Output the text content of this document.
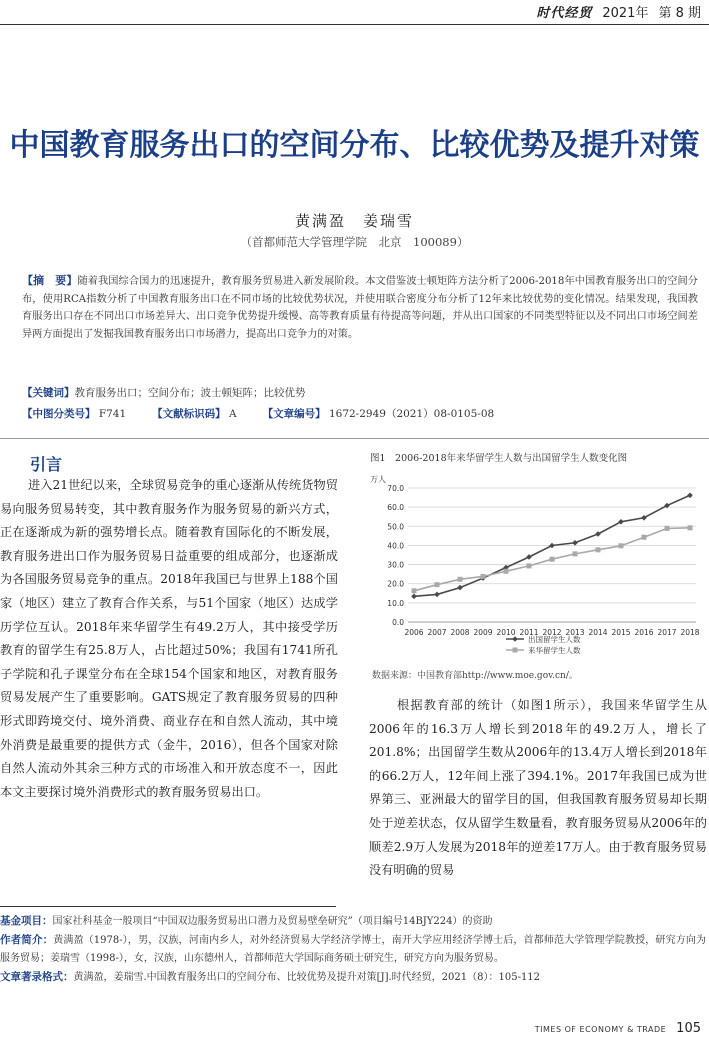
时代经贸 2021年 第 8 期
中国教育服务出口的空间分布、比较优势及提升对策
黄满盈　姜瑞雪
（首都师范大学管理学院　北京　100089）
【摘　要】随着我国综合国力的迅速提升，教育服务贸易进入新发展阶段。本文借鉴波士顿矩阵方法分析了2006-2018年中国教育服务出口的空间分布，使用RCA指数分析了中国教育服务出口在不同市场的比较优势状况，并使用联合密度分布分析了12年来比较优势的变化情况。结果发现，我国教育服务出口存在不同出口市场差异大、出口竞争优势提升缓慢、高等教育质量有待提高等问题，并从出口国家的不同类型特征以及不同出口市场空间差异两方面提出了发掘我国教育服务出口市场潜力，提高出口竞争力的对策。
【关键词】教育服务出口；空间分布；波士顿矩阵；比较优势
【中图分类号】 F741 【文献标识码】 A 【文章编号】 1672-2949（2021）08-0105-08
引言

进入21世纪以来，全球贸易竞争的重心逐渐从传统货物贸易向服务贸易转变，其中教育服务作为服务贸易的新兴方式，正在逐渐成为新的强势增长点。随着教育国际化的不断发展，教育服务进出口作为服务贸易日益重要的组成部分，也逐渐成为各国服务贸易竞争的重点。2018年我国已与世界上188个国家（地区）建立了教育合作关系，与51个国家（地区）达成学历学位互认。2018年来华留学生有49.2万人，其中接受学历教育的留学生有25.8万人，占比超过50%；我国有1741所孔子学院和孔子课堂分布在全球154个国家和地区，对教育服务贸易发展产生了重要影响。GATS规定了教育服务贸易的四种形式即跨境交付、境外消费、商业存在和自然人流动，其中境外消费是最重要的提供方式（金牛，2016），但各个国家对除自然人流动外其余三种方式的市场准入和开放态度不一，因此本文主要探讨境外消费形式的教育服务贸易出口。

图1　2006-2018年来华留学生人数与出国留学生人数变化图
万人
0.0
10.0
20.0
30.0
40.0
50.0
60.0
70.0
2006 2007 2008 2009 2010 2011 2012 2013 2014 2015 2016 2017 2018
出国留学生人数
来华留学生人数
数据来源：中国教育部http://www.moe.gov.cn/。

根据教育部的统计（如图1所示），我国来华留学生从2006年的16.3万人增长到2018年的49.2万人，增长了201.8%；出国留学生数从2006年的13.4万人增长到2018年的66.2万人，12年间上涨了394.1%。2017年我国已成为世界第三、亚洲最大的留学目的国，但我国教育服务贸易却长期处于逆差状态，仅从留学生数量看，教育服务贸易从2006年的顺差2.9万人发展为2018年的逆差17万人。由于教育服务贸易没有明确的贸易

基金项目：国家社科基金一般项目“中国双边服务贸易出口潜力及贸易壁垒研究”（项目编号14BJY224）的资助
作者简介：黄满盈（1978-），男，汉族，河南内乡人，对外经济贸易大学经济学博士，南开大学应用经济学博士后，首都师范大学管理学院教授，研究方向为服务贸易；姜瑞雪（1998-），女，汉族，山东德州人，首都师范大学国际商务硕士研究生，研究方向为服务贸易。
文章著录格式：黄满盈，姜瑞雪.中国教育服务出口的空间分布、比较优势及提升对策[J].时代经贸，2021（8）：105-112
TIMES OF ECONOMY & TRADE 105
